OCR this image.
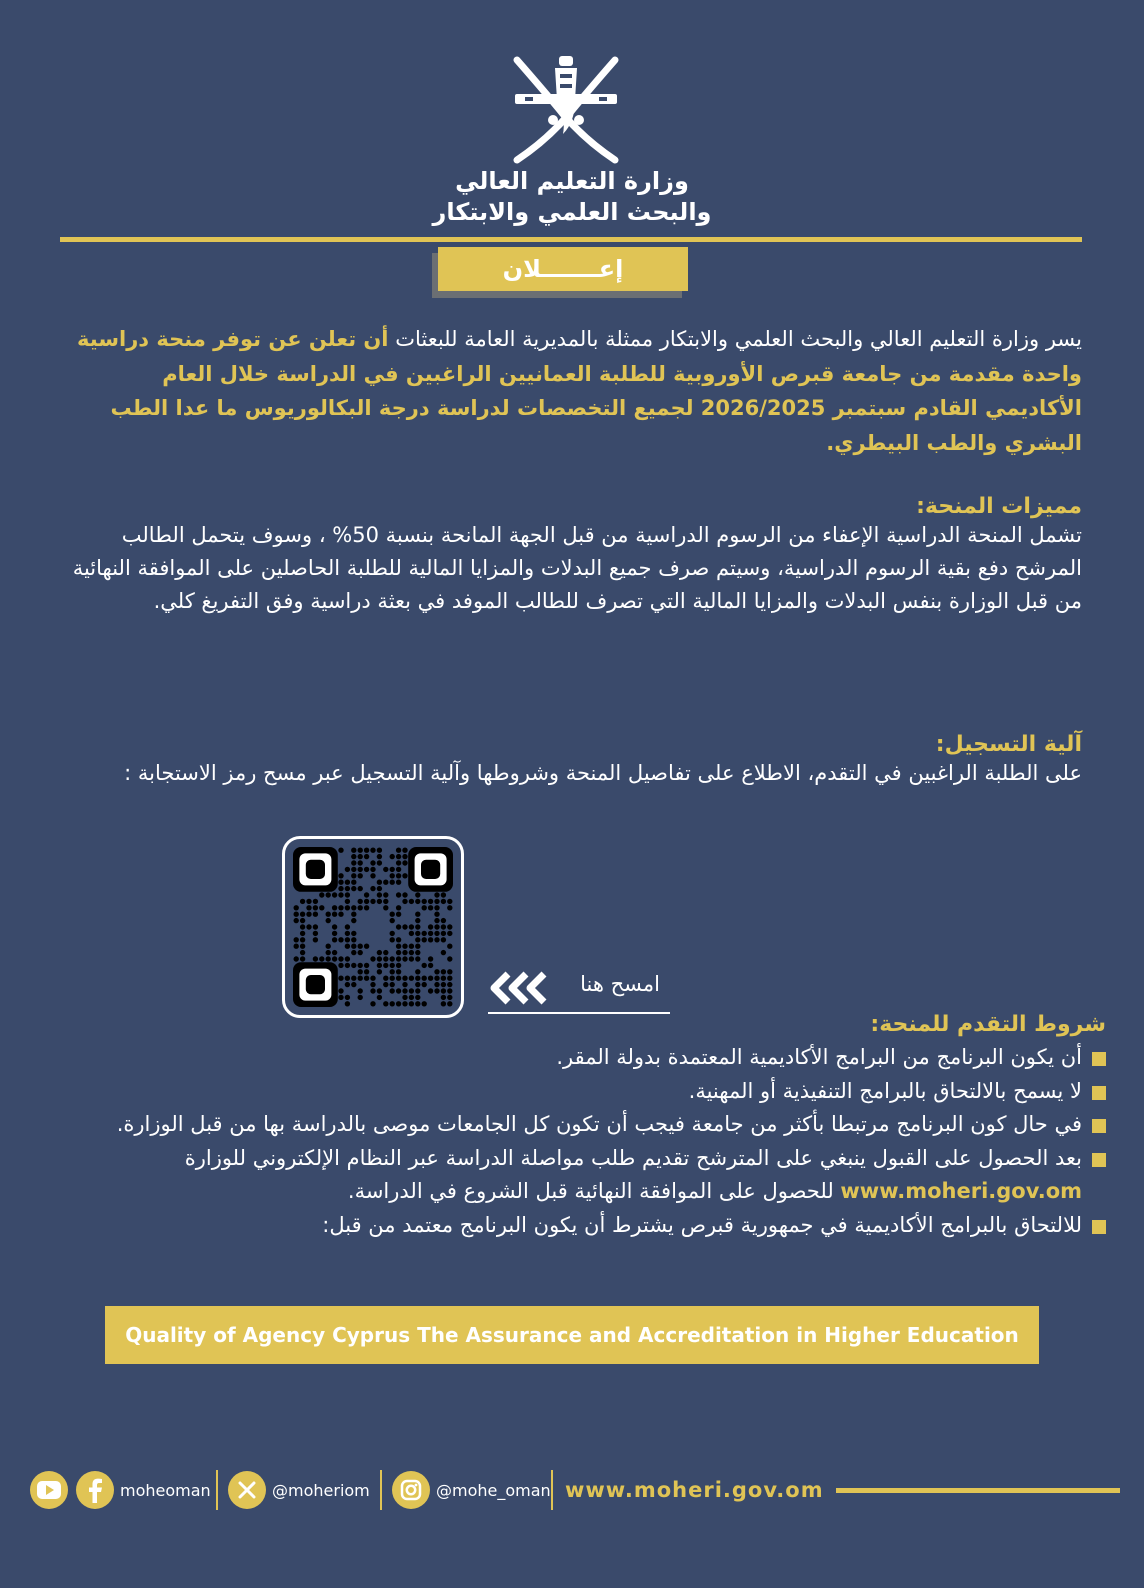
وزارة التعليم العالي
والبحث العلمي والابتكار
إعـــــــلان
يسر وزارة التعليم العالي والبحث العلمي والابتكار ممثلة بالمديرية العامة للبعثات أن تعلن عن توفر منحة دراسية واحدة مقدمة من جامعة قبرص الأوروبية للطلبة العمانيين الراغبين في الدراسة خلال العام الأكاديمي القادم سبتمبر 2026/2025 لجميع التخصصات لدراسة درجة البكالوريوس ما عدا الطب البشري والطب البيطري.
مميزات المنحة:
تشمل المنحة الدراسية الإعفاء من الرسوم الدراسية من قبل الجهة المانحة بنسبة 50% ، وسوف يتحمل الطالب المرشح دفع بقية الرسوم الدراسية، وسيتم صرف جميع البدلات والمزايا المالية للطلبة الحاصلين على الموافقة النهائية من قبل الوزارة بنفس البدلات والمزايا المالية التي تصرف للطالب الموفد في بعثة دراسية وفق التفريغ كلي.
آلية التسجيل:
على الطلبة الراغبين في التقدم، الاطلاع على تفاصيل المنحة وشروطها وآلية التسجيل عبر مسح رمز الاستجابة :
امسح هنا
شروط التقدم للمنحة:
أن يكون البرنامج من البرامج الأكاديمية المعتمدة بدولة المقر.
لا يسمح بالالتحاق بالبرامج التنفيذية أو المهنية.
في حال كون البرنامج مرتبطا بأكثر من جامعة فيجب أن تكون كل الجامعات موصى بالدراسة بها من قبل الوزارة.
بعد الحصول على القبول ينبغي على المترشح تقديم طلب مواصلة الدراسة عبر النظام الإلكتروني للوزارة www.moheri.gov.om للحصول على الموافقة النهائية قبل الشروع في الدراسة.
للالتحاق بالبرامج الأكاديمية في جمهورية قبرص يشترط أن يكون البرنامج معتمد من قبل:
Quality of Agency Cyprus The Assurance and Accreditation in Higher Education
moheoman	@moheriom	@mohe_oman www.moheri.gov.om
